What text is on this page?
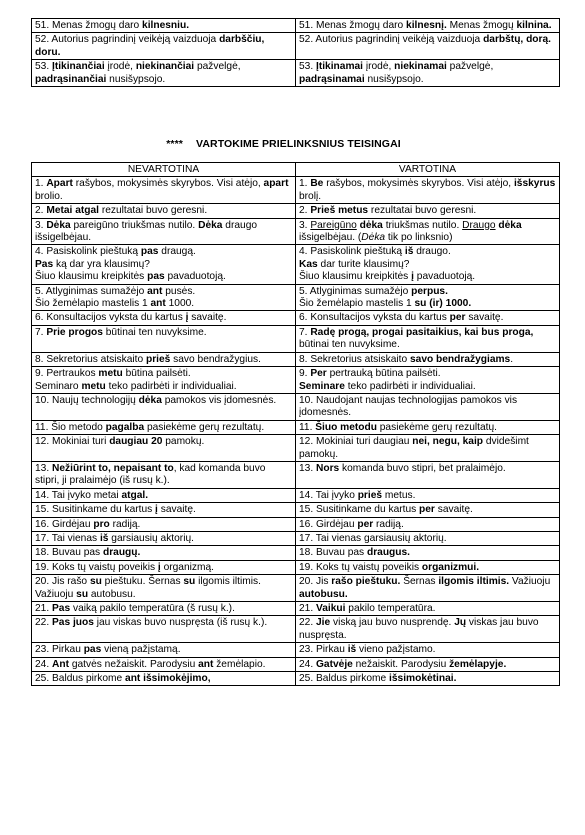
51. Menas žmogų daro kilnesniu.	51. Menas žmogų daro kilnesnį. Menas žmogų kilnina.
52. Autorius pagrindinį veikėją vaizduoja darbščiu, doru.	52. Autorius pagrindinį veikėją vaizduoja darbštų, dorą.
53. Įtikinančiai įrodė, niekinančiai pažvelgė, padrąsinančiai nusišypsojo.	53. Įtikinamai įrodė, niekinamai pažvelgė, padrąsinamai nusišypsojo.
**** VARTOKIME PRIELINKSNIUS TEISINGAI
NEVARTOTINA	VARTOTINA
1. Apart rašybos, mokysimės skyrybos. Visi atėjo, apart brolio.	1. Be rašybos, mokysimės skyrybos. Visi atėjo, išskyrus brolį.
2. Metai atgal rezultatai buvo geresni.	2. Prieš metus rezultatai buvo geresni.
3. Dėka pareigūno triukšmas nutilo. Dėka draugo išsigelbėjau.	3. Pareigūno dėka triukšmas nutilo. Draugo dėka išsigelbėjau. (Dėka tik po linksnio)
4. Pasiskolink pieštuką pas draugą.
Pas ką dar yra klausimų?
Šiuo klausimu kreipkitės pas pavaduotoją.	4. Pasiskolink pieštuką iš draugo.
Kas dar turite klausimų?
Šiuo klausimu kreipkitės į pavaduotoją.
5. Atlyginimas sumažėjo ant pusės.
Šio žemėlapio mastelis 1 ant 1000.	5. Atlyginimas sumažėjo perpus.
Šio žemėlapio mastelis 1 su (ir) 1000.
6. Konsultacijos vyksta du kartus į savaitę.	6. Konsultacijos vyksta du kartus per savaitę.
7. Prie progos būtinai ten nuvyksime.	7. Radę progą, progai pasitaikius, kai bus proga, būtinai ten nuvyksime.
8. Sekretorius atsiskaito prieš savo bendražygius.	8. Sekretorius atsiskaito savo bendražygiams.
9. Pertraukos metu būtina pailsėti.
Seminaro metu teko padirbėti ir individualiai.	9. Per pertrauką būtina pailsėti.
Seminare teko padirbėti ir individualiai.
10. Naujų technologijų dėka pamokos vis įdomesnės.	10. Naudojant naujas technologijas pamokos vis įdomesnės.
11. Šio metodo pagalba pasiekėme gerų rezultatų.	11. Šiuo metodu pasiekėme gerų rezultatų.
12. Mokiniai turi daugiau 20 pamokų.	12. Mokiniai turi daugiau nei, negu, kaip dvidešimt pamokų.
13. Nežiūrint to, nepaisant to, kad komanda buvo stipri, ji pralaimėjo (iš rusų k.).	13. Nors komanda buvo stipri, bet pralaimėjo.
14. Tai įvyko metai atgal.	14. Tai įvyko prieš metus.
15. Susitinkame du kartus į savaitę.	15. Susitinkame du kartus per savaitę.
16. Girdėjau pro radiją.	16. Girdėjau per radiją.
17. Tai vienas iš garsiausių aktorių.	17. Tai vienas garsiausių aktorių.
18. Buvau pas draugų.	18. Buvau pas draugus.
19. Koks tų vaistų poveikis į organizmą.	19. Koks tų vaistų poveikis organizmui.
20. Jis rašo su pieštuku. Šernas su ilgomis iltimis. Važiuoju su autobusu.	20. Jis rašo pieštuku. Šernas ilgomis iltimis. Važiuoju autobusu.
21. Pas vaiką pakilo temperatūra (š rusų k.).	21. Vaikui pakilo temperatūra.
22. Pas juos jau viskas buvo nuspręsta (iš rusų k.).	22. Jie viską jau buvo nusprendę. Jų viskas jau buvo nuspręsta.
23. Pirkau pas vieną pažįstamą.	23. Pirkau iš vieno pažįstamo.
24. Ant gatvės nežaiskit. Parodysiu ant žemėlapio.	24. Gatvėje nežaiskit. Parodysiu žemėlapyje.
25. Baldus pirkome ant išsimokėjimo,	25. Baldus pirkome išsimokėtinai.
